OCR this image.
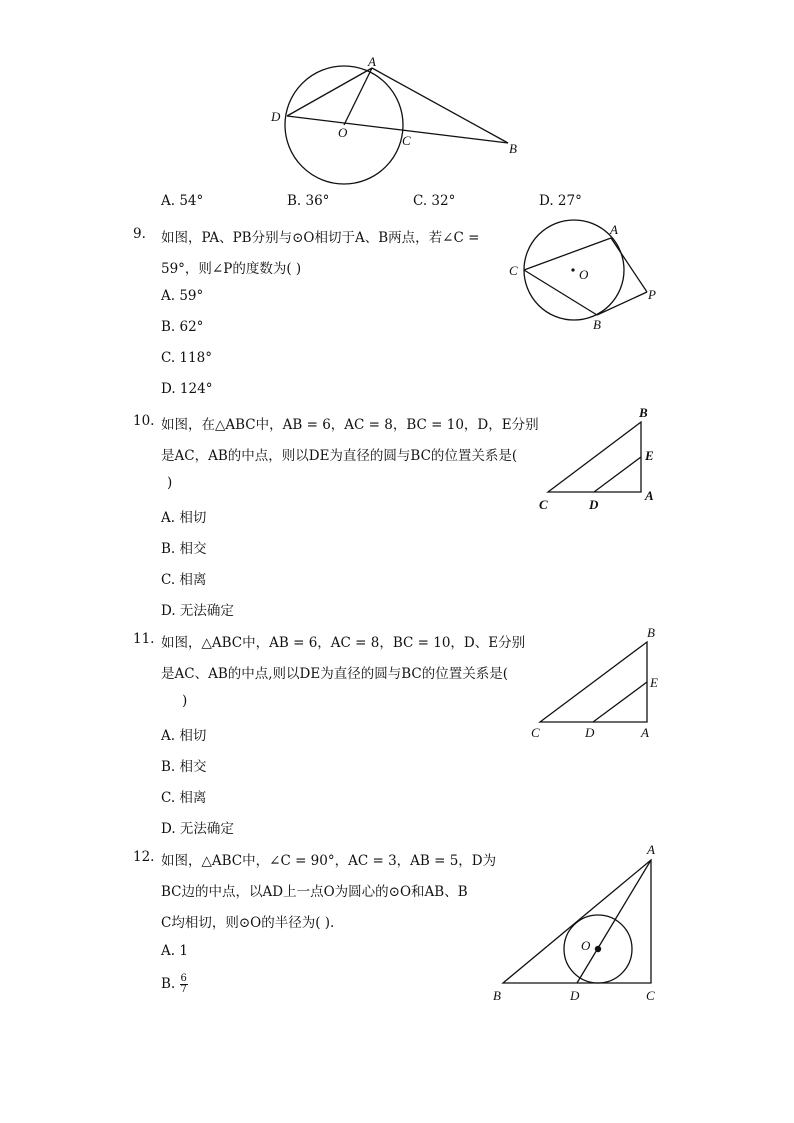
A
D
O
C
B
A. 54°	B. 36°	C. 32°	D. 27°
9. 如图，PA、PB分别与⊙O相切于A、B两点，若∠C =
59°，则∠P的度数为( )
A. 59°
B. 62°
C. 118°
D. 124°
A
C	O
P
B
10. 如图，在△ABC中，AB = 6，AC = 8，BC = 10，D，E分别
是AC，AB的中点，则以DE为直径的圆与BC的位置关系是(
)
A. 相切
B. 相交
C. 相离
D. 无法确定
B
E
C	D
A
11. 如图，△ABC中，AB = 6，AC = 8，BC = 10，D、E分别
是AC、AB的中点,则以DE为直径的圆与BC的位置关系是(
)
A. 相切
B. 相交
C. 相离
D. 无法确定
B
E
C	D	A
12. 如图，△ABC中，∠C = 90°，AC = 3，AB = 5，D为
BC边的中点，以AD上一点O为圆心的⊙O和AB、B
C均相切，则⊙O的半径为( ).
A. 1
B. $\frac{6}{7}$
A
O
B	D	C
